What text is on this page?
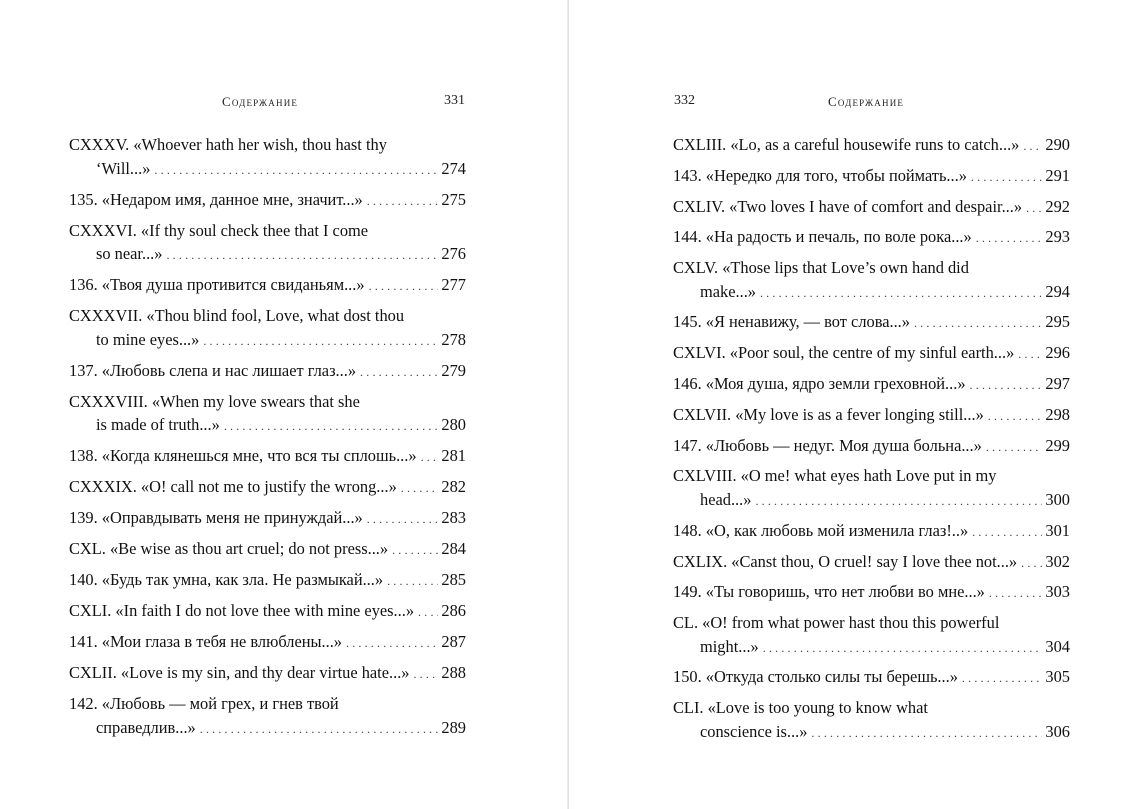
Содержание	331
CXXXV. «Whoever hath her wish, thou hast thy
‘Will...» .....	274
135. «Недаром имя, данное мне, значит...» .....	275
CXXXVI. «If thy soul check thee that I come
so near...» .....	276
136. «Твоя душа противится свиданьям...» .....	277
CXXXVII. «Thou blind fool, Love, what dost thou
to mine eyes...» .....	278
137. «Любовь слепа и нас лишает глаз...» .....	279
CXXXVIII. «When my love swears that she
is made of truth...» .....	280
138. «Когда клянешься мне, что вся ты сплошь...» ..... 281
CXXXIX. «O! call not me to justify the wrong...» .....	282
139. «Оправдывать меня не принуждай...» .....	283
CXL. «Be wise as thou art cruel; do not press...» .....	284
140. «Будь так умна, как зла. Не размыкай...» .....	285
CXLI. «In faith I do not love thee with mine eyes...» ..... 286
141. «Мои глаза в тебя не влюблены...» .....	287
CXLII. «Love is my sin, and thy dear virtue hate...» ..... 288
142. «Любовь — мой грех, и гнев твой
справедлив...» .....	289
332	Содержание
CXLIII. «Lo, as a careful housewife runs to catch...» ..... 290
143. «Нередко для того, чтобы поймать...» .....	291
CXLIV. «Two loves I have of comfort and despair...» ..... 292
144. «На радость и печаль, по воле рока...» .....	293
CXLV. «Those lips that Love’s own hand did
make...» .....	294
145. «Я ненавижу, — вот слова...» .....	295
CXLVI. «Poor soul, the centre of my sinful earth...» ..... 296
146. «Моя душа, ядро земли греховной...» .....	297
CXLVII. «My love is as a fever longing still...» .....	298
147. «Любовь — недуг. Моя душа больна...» .....	299
CXLVIII. «O me! what eyes hath Love put in my
head...» .....	300
148. «О, как любовь мой изменила глаз!..» .....	301
CXLIX. «Canst thou, O cruel! say I love thee not...» ..... 302
149. «Ты говоришь, что нет любви во мне...» .....	303
CL. «O! from what power hast thou this powerful
might...» .....	304
150. «Откуда столько силы ты берешь...» .....	305
CLI. «Love is too young to know what
conscience is...» .....	306
